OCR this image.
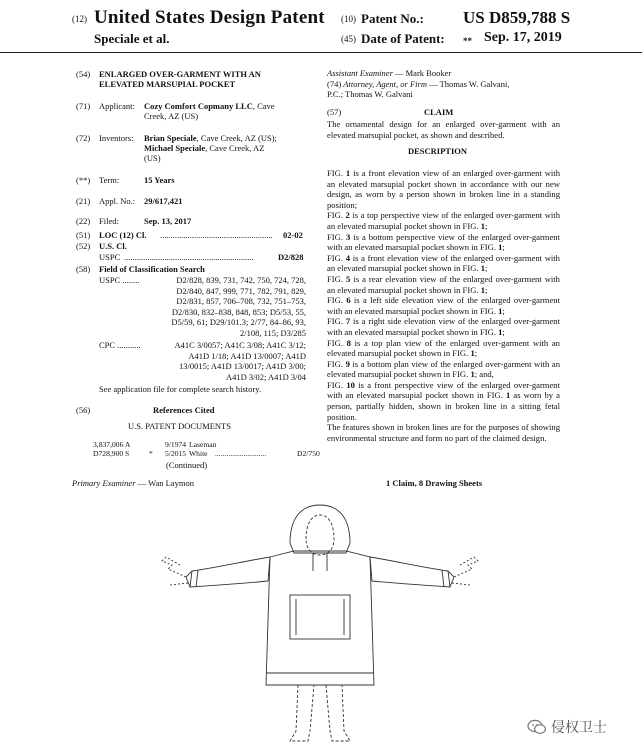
(12) United States Design Patent (10) Patent No.: US D859,788 S
Speciale et al.	(45) Date of Patent: ** Sep. 17, 2019
(54) ENLARGED OVER-GARMENT WITH AN
ELEVATED MARSUPIAL POCKET
(71) Applicant: Cozy Comfort Copmany LLC, Cave
Creek, AZ (US)
(72) Inventors: Brian Speciale, Cave Creek, AZ (US);
Michael Speciale, Cave Creek, AZ
(US)
(**) Term:	15 Years
(21) Appl. No.: 29/617,421
(22) Filed:	Sep. 13, 2017
(51) LOC (12) Cl. .....................................................	02-02
(52) U.S. Cl.
USPC .............................................................	D2/828
(58) Field of Classification Search
USPC ........	D2/828, 839, 731, 742, 750, 724, 728,
D2/840, 847, 999, 771, 782, 791, 829,
D2/831, 857, 706–708, 732, 751–753,
D2/830, 832–838, 848, 853; D5/53, 55,
D5/59, 61; D29/101.3; 2/77, 84–86, 93,
2/108, 115; D3/285
CPC ...........	A41C 3/0057; A41C 3/08; A41C 3/12;
A41D 1/18; A41D 13/0007; A41D
13/0015; A41D 13/0017; A41D 3/00;
A41D 3/02; A41D 3/04
See application file for complete search history.
(56)	References Cited
U.S. PATENT DOCUMENTS
3,837,006 A	9/1974 Laseman
D728,900 S	*	5/2015 White ...........................	D2/750
(Continued)
Primary Examiner — Wan Laymon
Assistant Examiner — Mark Booker
(74) Attorney, Agent, or Firm — Thomas W. Galvani,
P.C.; Thomas W. Galvani
(57)	CLAIM

The ornamental design for an enlarged over-garment with an elevated marsupial pocket, as shown and described.

DESCRIPTION

FIG. 1 is a front elevation view of an enlarged over-garment with an elevated marsupial pocket shown in accordance with our new design, as worn by a person shown in broken line in a standing position;

FIG. 2 is a top perspective view of the enlarged over-garment with an elevated marsupial pocket shown in FIG. 1;

FIG. 3 is a bottom perspective view of the enlarged over-garment with an elevated marsupial pocket shown in FIG. 1;

FIG. 4 is a front elevation view of the enlarged over-garment with an elevated marsupial pocket shown in FIG. 1;

FIG. 5 is a rear elevation view of the enlarged over-garment with an elevated marsupial pocket shown in FIG. 1;

FIG. 6 is a left side elevation view of the enlarged over-garment with an elevated marsupial pocket shown in FIG. 1;

FIG. 7 is a right side elevation view of the enlarged over-garment with an elevated marsupial pocket shown in FIG. 1;

FIG. 8 is a top plan view of the enlarged over-garment with an elevated marsupial pocket shown in FIG. 1;

FIG. 9 is a bottom plan view of the enlarged over-garment with an elevated marsupial pocket shown in FIG. 1; and,

FIG. 10 is a front perspective view of the enlarged over-garment with an elevated marsupial pocket shown in FIG. 1 as worn by a person, partially hidden, shown in broken line in a sitting fetal position.

The features shown in broken lines are for the purposes of showing environmental structure and form no part of the claimed design.

1 Claim, 8 Drawing Sheets
侵权卫士
